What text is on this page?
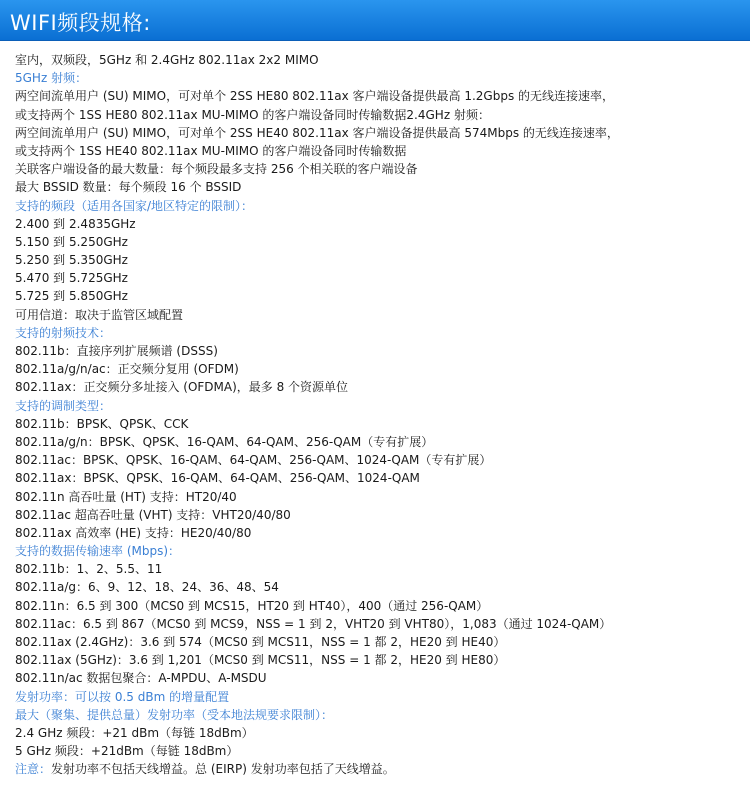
WIFI频段规格:
室内，双频段，5GHz 和 2.4GHz 802.11ax 2x2 MIMO
5GHz 射频：
两空间流单用户 (SU) MIMO，可对单个 2SS HE80 802.11ax 客户端设备提供最高 1.2Gbps 的无线连接速率，
或支持两个 1SS HE80 802.11ax MU-MIMO 的客户端设备同时传输数据2.4GHz 射频：
两空间流单用户 (SU) MIMO，可对单个 2SS HE40 802.11ax 客户端设备提供最高 574Mbps 的无线连接速率，
或支持两个 1SS HE40 802.11ax MU-MIMO 的客户端设备同时传输数据
关联客户端设备的最大数量：每个频段最多支持 256 个相关联的客户端设备
最大 BSSID 数量：每个频段 16 个 BSSID
支持的频段（适用各国家/地区特定的限制）：
2.400 到 2.4835GHz
5.150 到 5.250GHz
5.250 到 5.350GHz
5.470 到 5.725GHz
5.725 到 5.850GHz
可用信道：取决于监管区域配置
支持的射频技术：
802.11b：直接序列扩展频谱 (DSSS)
802.11a/g/n/ac：正交频分复用 (OFDM)
802.11ax：正交频分多址接入 (OFDMA)，最多 8 个资源单位
支持的调制类型：
802.11b：BPSK、QPSK、CCK
802.11a/g/n：BPSK、QPSK、16-QAM、64-QAM、256-QAM（专有扩展）
802.11ac：BPSK、QPSK、16-QAM、64-QAM、256-QAM、1024-QAM（专有扩展）
802.11ax：BPSK、QPSK、16-QAM、64-QAM、256-QAM、1024-QAM
802.11n 高吞吐量 (HT) 支持：HT20/40
802.11ac 超高吞吐量 (VHT) 支持：VHT20/40/80
802.11ax 高效率 (HE) 支持：HE20/40/80
支持的数据传输速率 (Mbps)：
802.11b：1、2、5.5、11
802.11a/g：6、9、12、18、24、36、48、54
802.11n：6.5 到 300（MCS0 到 MCS15，HT20 到 HT40），400（通过 256-QAM）
802.11ac：6.5 到 867（MCS0 到 MCS9，NSS = 1 到 2，VHT20 到 VHT80），1,083（通过 1024-QAM）
802.11ax (2.4GHz)：3.6 到 574（MCS0 到 MCS11，NSS = 1 都 2，HE20 到 HE40）
802.11ax (5GHz)：3.6 到 1,201（MCS0 到 MCS11，NSS = 1 都 2，HE20 到 HE80）
802.11n/ac 数据包聚合：A-MPDU、A-MSDU
发射功率：可以按 0.5 dBm 的增量配置
最大（聚集、提供总量）发射功率（受本地法规要求限制）：
2.4 GHz 频段：+21 dBm（每链 18dBm）
5 GHz 频段：+21dBm（每链 18dBm）
注意：发射功率不包括天线增益。总 (EIRP) 发射功率包括了天线增益。
